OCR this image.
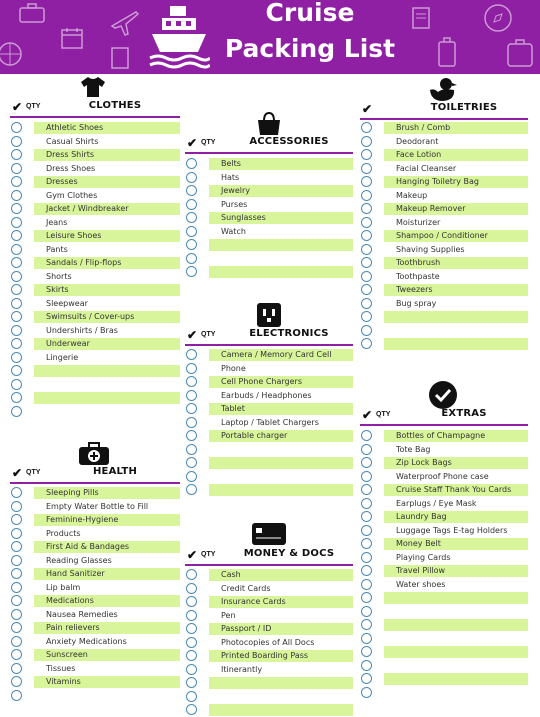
Cruise
Packing List
✔ QTY	CLOTHES
Athletic Shoes
Casual Shirts
Dress Shirts
Dress Shoes
Dresses
Gym Clothes
Jacket / Windbreaker
Jeans
Leisure Shoes
Pants
Sandals / Flip-flops
Shorts
Skirts
Sleepwear
Swimsuits / Cover-ups
Undershirts / Bras
Underwear
Lingerie
✔ QTY	HEALTH
Sleeping Pills
Empty Water Bottle to Fill
Feminine-Hygiene
Products
First Aid & Bandages
Reading Glasses
Hand Sanitizer
Lip balm
Medications
Nausea Remedies
Pain relievers
Anxiety Medications
Sunscreen
Tissues
Vitamins
✔ QTY	ACCESSORIES
Belts
Hats
Jewelry
Purses
Sunglasses
Watch
✔ QTY	ELECTRONICS
Camera / Memory Card Cell
Phone
Cell Phone Chargers
Earbuds / Headphones
Tablet
Laptop / Tablet Chargers
Portable charger
✔ QTY	MONEY & DOCS
Cash
Credit Cards
Insurance Cards
Pen
Passport / ID
Photocopies of All Docs
Printed Boarding Pass
Itinerantly
✔	TOILETRIES
Brush / Comb
Deodorant
Face Lotion
Facial Cleanser
Hanging Toiletry Bag
Makeup
Makeup Remover
Moisturizer
Shampoo / Conditioner
Shaving Supplies
Toothbrush
Toothpaste
Tweezers
Bug spray
✔ QTY	EXTRAS
Bottles of Champagne
Tote Bag
Zip Lock Bags
Waterproof Phone case
Cruise Staff Thank You Cards
Earplugs / Eye Mask
Laundry Bag
Luggage Tags E-tag Holders
Money Belt
Playing Cards
Travel Pillow
Water shoes
